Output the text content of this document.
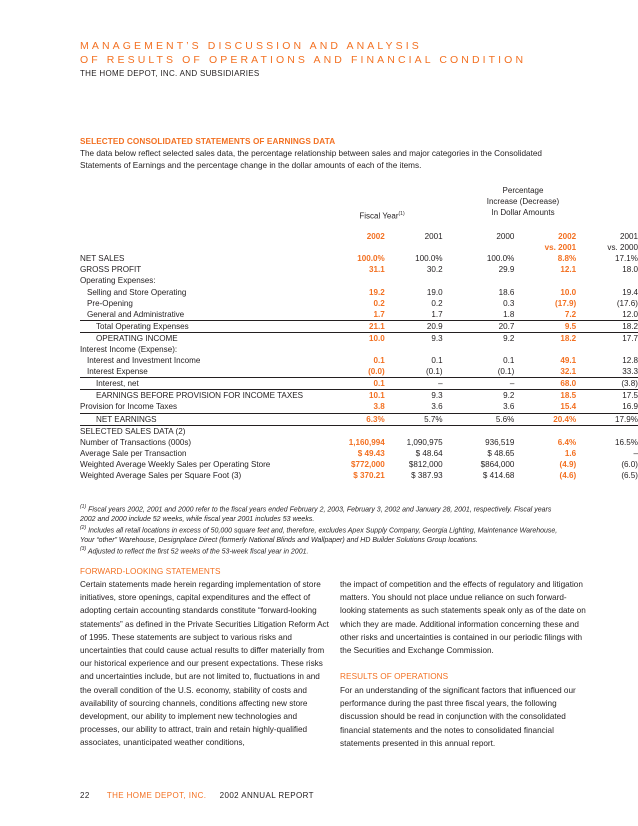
MANAGEMENT’S DISCUSSION AND ANALYSIS
OF RESULTS OF OPERATIONS AND FINANCIAL CONDITION
THE HOME DEPOT, INC. AND SUBSIDIARIES
SELECTED CONSOLIDATED STATEMENTS OF EARNINGS DATA
The data below reflect selected sales data, the percentage relationship between sales and major categories in the Consolidated Statements of Earnings and the percentage change in the dollar amounts of each of the items.
Fiscal Year$^{(1)}$
Percentage
Increase (Decrease)
In Dollar Amounts
	2002	2001	2000	2002	2001
				vs. 2001	vs. 2000
NET SALES	100.0%	100.0%	100.0%	8.8%	17.1%
GROSS PROFIT	31.1	30.2	29.9	12.1	18.0
Operating Expenses:					
Selling and Store Operating	19.2	19.0	18.6	10.0	19.4
Pre-Opening	0.2	0.2	0.3	(17.9)	(17.6)
General and Administrative	1.7	1.7	1.8	7.2	12.0
Total Operating Expenses	21.1	20.9	20.7	9.5	18.2
OPERATING INCOME	10.0	9.3	9.2	18.2	17.7
Interest Income (Expense):					
Interest and Investment Income	0.1	0.1	0.1	49.1	12.8
Interest Expense	(0.0)	(0.1)	(0.1)	32.1	33.3
Interest, net	0.1	–	–	68.0	(3.8)
EARNINGS BEFORE PROVISION FOR INCOME TAXES	10.1	9.3	9.2	18.5	17.5
Provision for Income Taxes	3.8	3.6	3.6	15.4	16.9
NET EARNINGS	6.3%	5.7%	5.6%	20.4%	17.9%
SELECTED SALES DATA (2)					
Number of Transactions (000s)	1,160,994	1,090,975	936,519	6.4%	16.5%
Average Sale per Transaction	$ 49.43	$ 48.64	$ 48.65	1.6	–
Weighted Average Weekly Sales per Operating Store	$772,000	$812,000	$864,000	(4.9)	(6.0)
Weighted Average Sales per Square Foot (3)	$ 370.21	$ 387.93	$ 414.68	(4.6)	(6.5)
$^{(1)}$ Fiscal years 2002, 2001 and 2000 refer to the fiscal years ended February 2, 2003, February 3, 2002 and January 28, 2001, respectively. Fiscal years 2002 and 2000 include 52 weeks, while fiscal year 2001 includes 53 weeks.
$^{(2)}$ Includes all retail locations in excess of 50,000 square feet and, therefore, excludes Apex Supply Company, Georgia Lighting, Maintenance Warehouse, Your “other” Warehouse, Designplace Direct (formerly National Blinds and Wallpaper) and HD Builder Solutions Group locations.
$^{(3)}$ Adjusted to reflect the first 52 weeks of the 53-week fiscal year in 2001.
FORWARD-LOOKING STATEMENTS
Certain statements made herein regarding implementation of store initiatives, store openings, capital expenditures and the effect of adopting certain accounting standards constitute “forward-looking statements” as defined in the Private Securities Litigation Reform Act of 1995. These statements are subject to various risks and uncertainties that could cause actual results to differ materially from our historical experience and our present expectations. These risks and uncertainties include, but are not limited to, fluctuations in and the overall condition of the U.S. economy, stability of costs and availability of sourcing channels, conditions affecting new store development, our ability to implement new technologies and processes, our ability to attract, train and retain highly-qualified associates, unanticipated weather conditions,
the impact of competition and the effects of regulatory and litigation matters. You should not place undue reliance on such forward-looking statements as such statements speak only as of the date on which they are made. Additional information concerning these and other risks and uncertainties is contained in our periodic filings with the Securities and Exchange Commission.
RESULTS OF OPERATIONS
For an understanding of the significant factors that influenced our performance during the past three fiscal years, the following discussion should be read in conjunction with the consolidated financial statements and the notes to consolidated financial statements presented in this annual report.
22 THE HOME DEPOT, INC. 2002 ANNUAL REPORT
